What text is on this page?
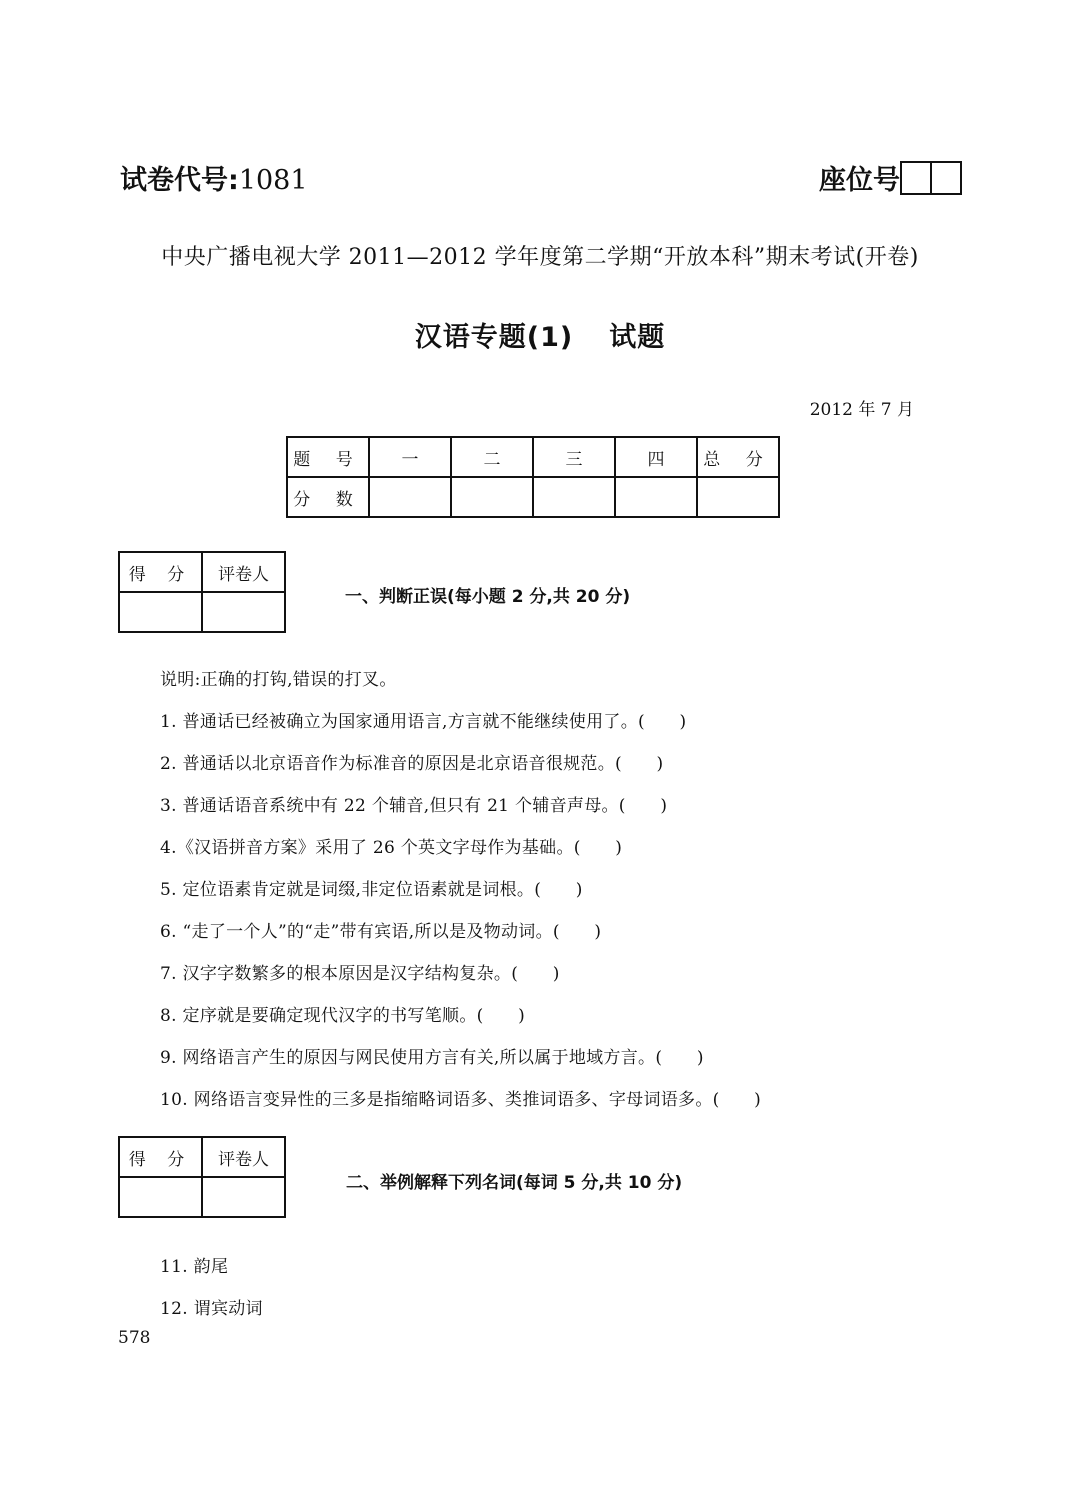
试卷代号:1081	座位号
中央广播电视大学 2011—2012 学年度第二学期“开放本科”期末考试(开卷)
汉语专题(1) 试题
2012 年 7 月
题 号	一	二	三	四	总 分
分 数					
得 分	评卷人

一、判断正误(每小题 2 分,共 20 分)
说明:正确的打钩,错误的打叉。
1. 普通话已经被确立为国家通用语言,方言就不能继续使用了。(　　)
2. 普通话以北京语音作为标准音的原因是北京语音很规范。(　　)
3. 普通话语音系统中有 22 个辅音,但只有 21 个辅音声母。(　　)
4.《汉语拼音方案》采用了 26 个英文字母作为基础。(　　)
5. 定位语素肯定就是词缀,非定位语素就是词根。(　　)
6. “走了一个人”的“走”带有宾语,所以是及物动词。(　　)
7. 汉字字数繁多的根本原因是汉字结构复杂。(　　)
8. 定序就是要确定现代汉字的书写笔顺。(　　)
9. 网络语言产生的原因与网民使用方言有关,所以属于地域方言。(　　)
10. 网络语言变异性的三多是指缩略词语多、类推词语多、字母词语多。(　　)
得 分	评卷人

二、举例解释下列名词(每词 5 分,共 10 分)
11. 韵尾
12. 谓宾动词
578
